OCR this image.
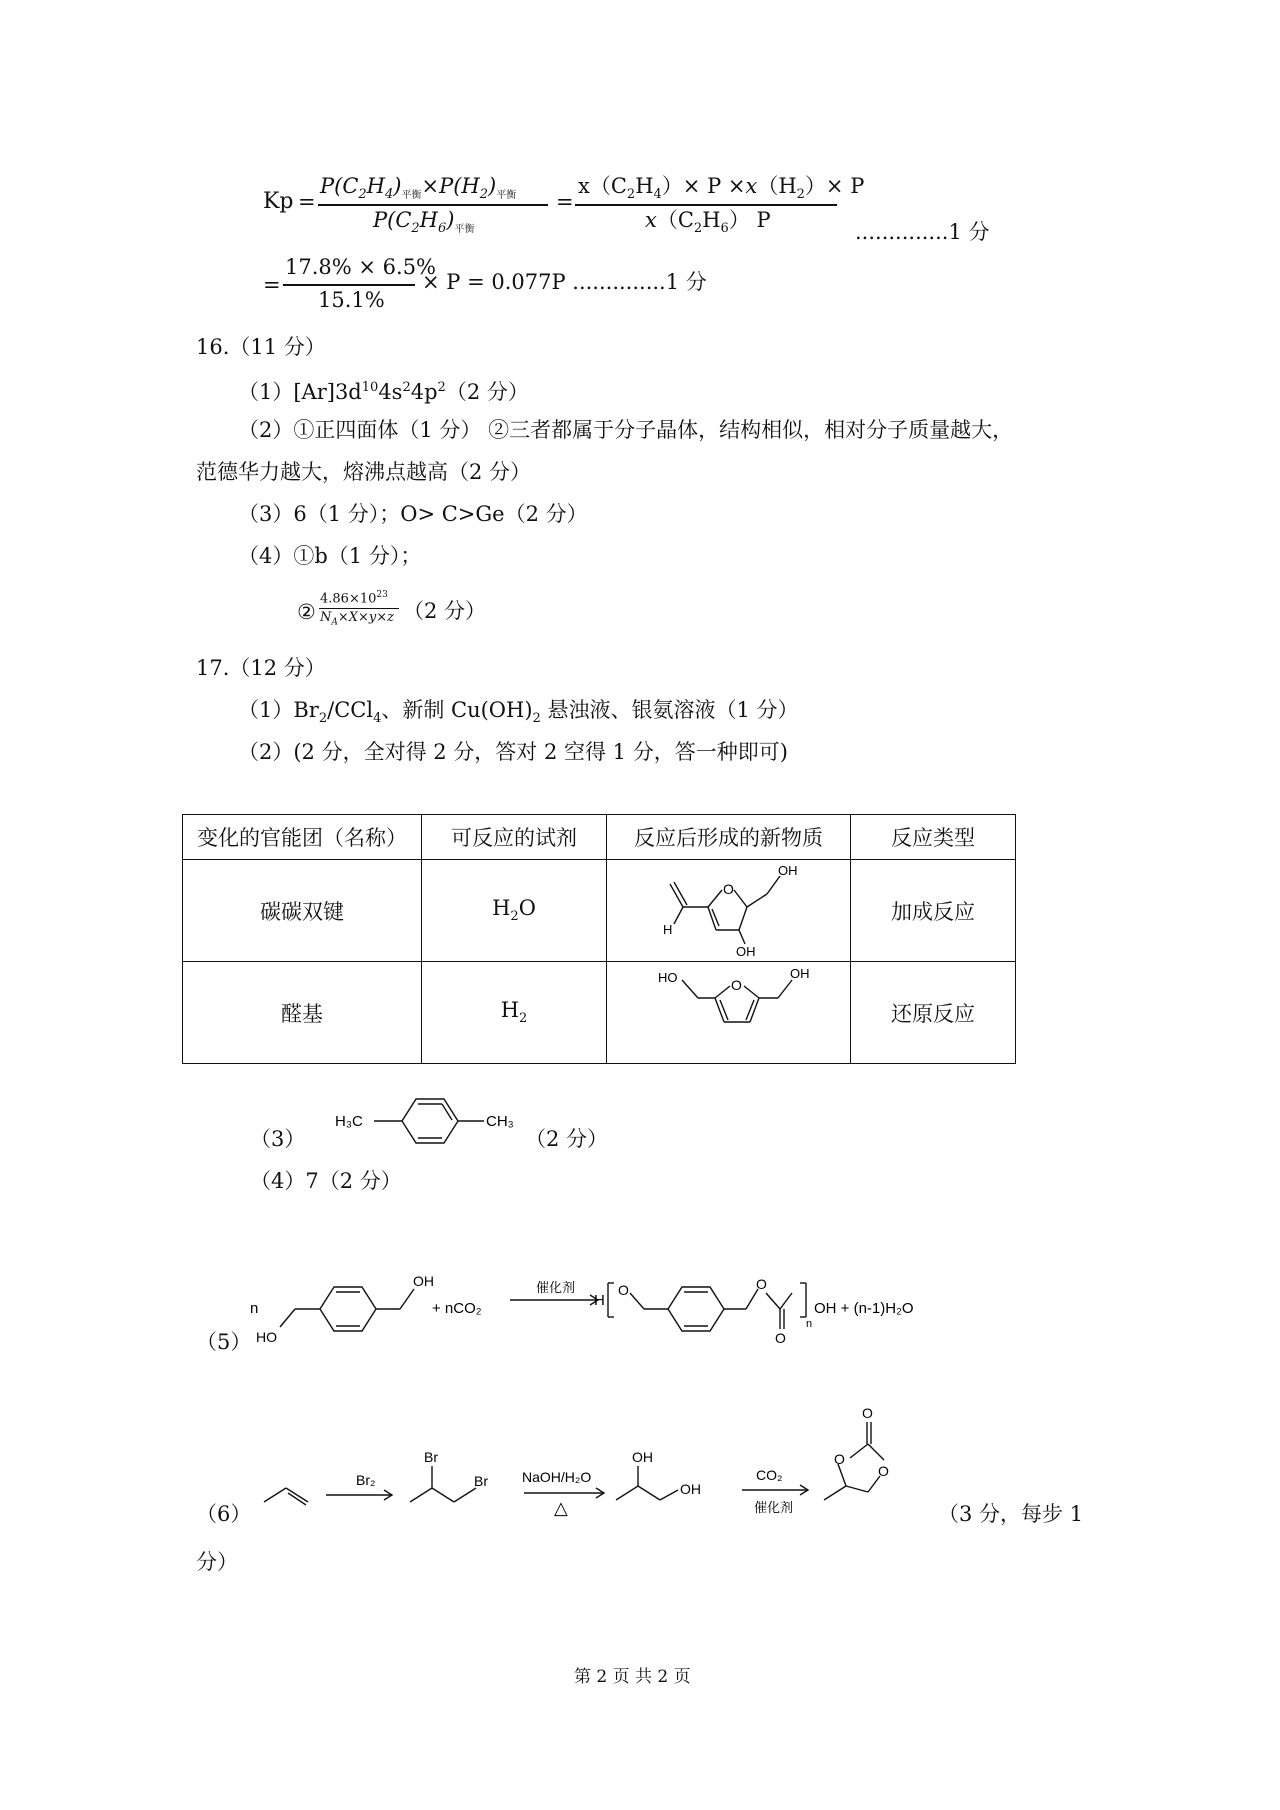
Kp =
$P(C_2H_4)_{平衡}\times P(H_2)_{平衡}$
$P(C_2H_6)_{平衡}$
=
$x(C_2H_4)\times P \times x(H_2)\times P$
$x(C_2H_6)$ P	..............1 分
=
17.8% × 6.5%
15.1%
× P = 0.077P ..............1 分
16.（11 分）
$(1)[Ar]3d^{10}4s^24p^2(2$ 分）
（2）①正四面体（1 分） ②三者都属于分子晶体，结构相似，相对分子质量越大，
范德华力越大，熔沸点越高（2 分）
（3）6（1 分）；O> C>Ge（2 分）
（4）①b（1 分）；
②
$4.86\times 10^{23}$
$N_A\times X\times y\times z$ （2 分）
17.（12 分）
$(1)Br_2/CCl_4$、新制 $Cu(OH)_2$ 悬浊液、银氨溶液（1 分）
（2）(2 分，全对得 2 分，答对 2 空得 1 分，答一种即可)
变化的官能团（名称）	可反应的试剂	反应后形成的新物质	反应类型
碳碳双键	$H_2O$		加成反应
醛基	$H_2$		还原反应
O
H
OH
OH
O
HO	OH
（3）
H₃C	CH₃
（2 分）
（4）7（2 分）
（5）
n
HO
OH
+ nCO₂
催化剂
H
O	O
O
n
OH + (n-1)H₂O
（6）
Br₂
Br
Br NaOH/H₂O
△
OH
OH
CO₂
催化剂
O
O
O
（3 分，每步 1
分）
第 2 页 共 2 页
